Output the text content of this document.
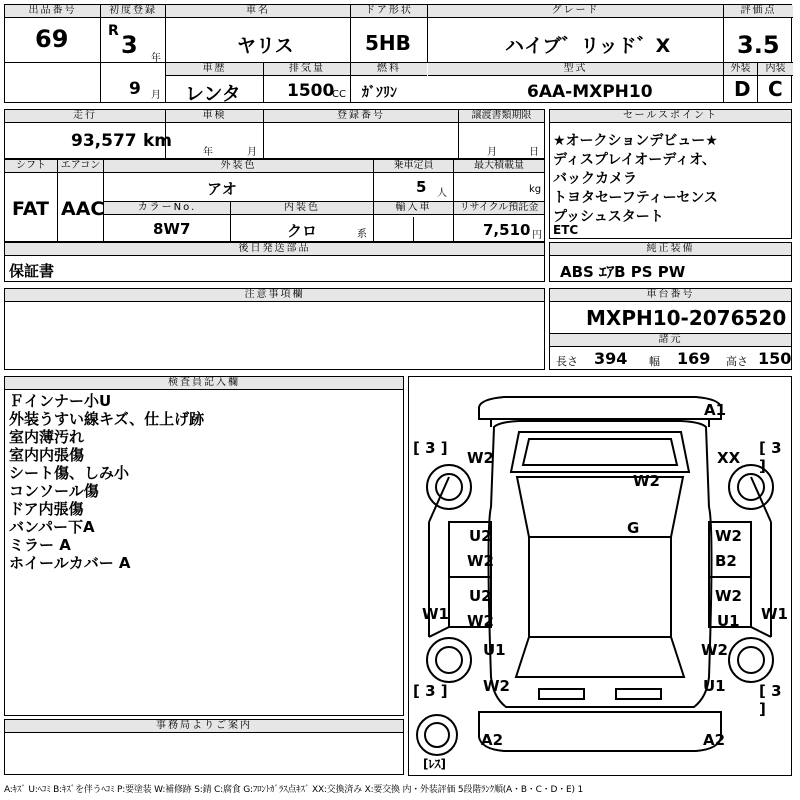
出品番号
69
初度登録
R 3 年
9 月
車名
ヤリス
ドア形状
5HB
グレード
ハイブ゛リッド゛X
評価点
3.5
外装	内装
D C
車歴
レンタ
排気量
1500
CC
燃料
ｶﾞｿﾘﾝ
型式
6AA-MXPH10
走行
93,577 km
車検
年	月
登録番号	譲渡書類期限
月	日
セールスポイント
★オークションデビュー★
ディスプレイオーディオ、
バックカメラ
トヨタセーフティーセンス
プッシュスタート
ETC
シフト
FAT
エアコン
AAC
外装色
アオ
乗車定員
5 人
最大積載量
kg
カラーNo.
8W7
内装色
クロ	系
輸入車	リサイクル預託金
7,510 円
後日発送部品
保証書
純正装備
ABS ｴｱB PS PW
注意事項欄	車台番号
MXPH10-2076520
諸元
長さ 394 幅 169 高さ 150
検査員記入欄
Ｆインナー小U
外装うすい線キズ、仕上げ跡
室内薄汚れ
室内内張傷
シート傷、しみ小
コンソール傷
ドア内張傷
バンパー下A
ミラー A
ホイールカバー A
事務局よりご案内
[ 3 ]	[ 3 ]
[ 3 ]	[ 3 ]
[ﾚｽ]
A1
W2	XX
W2
G
U2
W2
W2
B2
U2
W2
W2
U1
W1	W1
U1	W2
W2	U1
A2	A2
A:ｷｽﾞ U:ﾍｺﾐ B:ｷｽﾞを伴うﾍｺﾐ P:要塗装 W:補修跡 S:錆 C:腐食 G:ﾌﾛﾝﾄｶﾞﾗｽ点ｷｽﾞ XX:交換済み X:要交換 内・外装評価 5段階ﾗﾝｸ順(A・B・C・D・E) 1
